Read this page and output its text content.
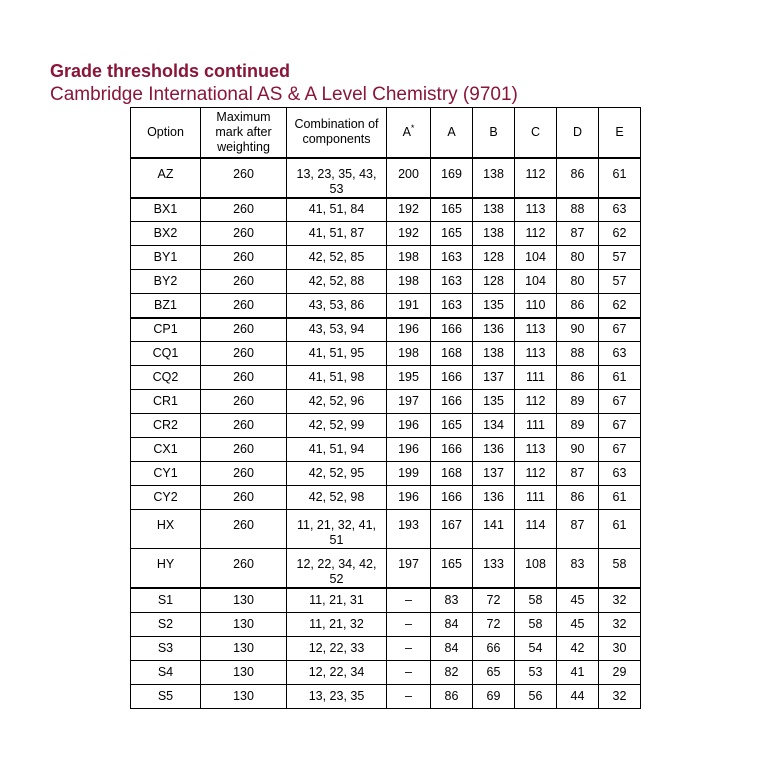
Grade thresholds continued
Cambridge International AS & A Level Chemistry (9701)
Option	Maximum mark after weighting	Combination of components	A*	A	B	C	D	E
AZ	260	13, 23, 35, 43, 53	200	169	138	112	86	61
BX1	260	41, 51, 84	192	165	138	113	88	63
BX2	260	41, 51, 87	192	165	138	112	87	62
BY1	260	42, 52, 85	198	163	128	104	80	57
BY2	260	42, 52, 88	198	163	128	104	80	57
BZ1	260	43, 53, 86	191	163	135	110	86	62
CP1	260	43, 53, 94	196	166	136	113	90	67
CQ1	260	41, 51, 95	198	168	138	113	88	63
CQ2	260	41, 51, 98	195	166	137	111	86	61
CR1	260	42, 52, 96	197	166	135	112	89	67
CR2	260	42, 52, 99	196	165	134	111	89	67
CX1	260	41, 51, 94	196	166	136	113	90	67
CY1	260	42, 52, 95	199	168	137	112	87	63
CY2	260	42, 52, 98	196	166	136	111	86	61
HX	260	11, 21, 32, 41, 51	193	167	141	114	87	61
HY	260	12, 22, 34, 42, 52	197	165	133	108	83	58
S1	130	11, 21, 31	–	83	72	58	45	32
S2	130	11, 21, 32	–	84	72	58	45	32
S3	130	12, 22, 33	–	84	66	54	42	30
S4	130	12, 22, 34	–	82	65	53	41	29
S5	130	13, 23, 35	–	86	69	56	44	32
